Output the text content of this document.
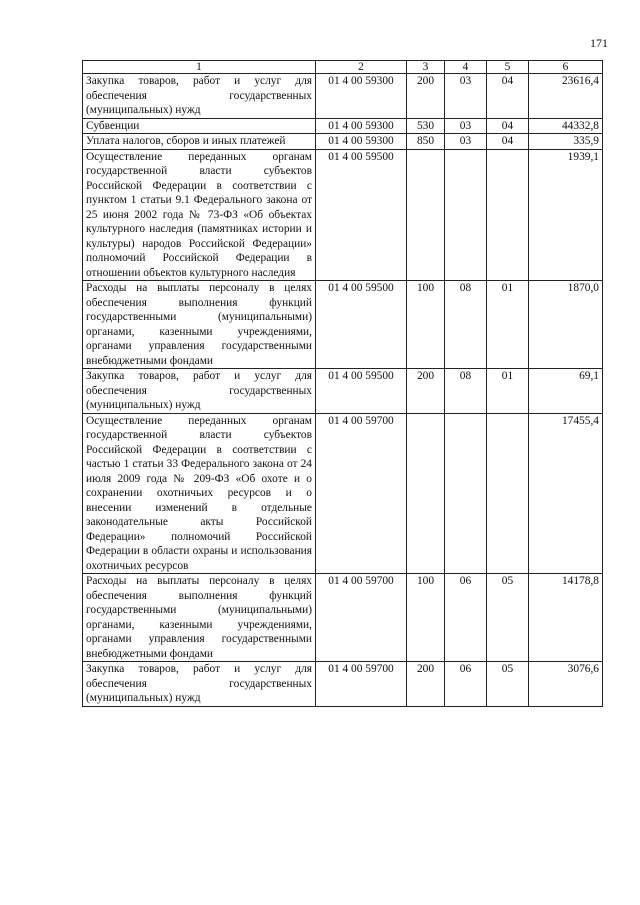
171
1	2	3	4	5	6
Закупка товаров, работ и услуг для обеспечения государственных (муниципальных) нужд	01 4 00 59300	200	03	04	23616,4
Субвенции	01 4 00 59300	530	03	04	44332,8
Уплата налогов, сборов и иных платежей	01 4 00 59300	850	03	04	335,9
Осуществление переданных органам государственной власти субъектов Российской Федерации в соответствии с пунктом 1 статьи 9.1 Федерального закона от 25 июня 2002 года № 73-ФЗ «Об объектах культурного наследия (памятниках истории и культуры) народов Российской Федерации» полномочий Российской Федерации в отношении объектов культурного наследия	01 4 00 59500				1939,1
Расходы на выплаты персоналу в целях обеспечения выполнения функций государственными (муниципальными) органами, казенными учреждениями, органами управления государственными внебюджетными фондами	01 4 00 59500	100	08	01	1870,0
Закупка товаров, работ и услуг для обеспечения государственных (муниципальных) нужд	01 4 00 59500	200	08	01	69,1
Осуществление переданных органам государственной власти субъектов Российской Федерации в соответствии с частью 1 статьи 33 Федерального закона от 24 июля 2009 года № 209-ФЗ «Об охоте и о сохранении охотничьих ресурсов и о внесении изменений в отдельные законодательные акты Российской Федерации» полномочий Российской Федерации в области охраны и использования охотничьих ресурсов	01 4 00 59700				17455,4
Расходы на выплаты персоналу в целях обеспечения выполнения функций государственными (муниципальными) органами, казенными учреждениями, органами управления государственными внебюджетными фондами	01 4 00 59700	100	06	05	14178,8
Закупка товаров, работ и услуг для обеспечения государственных (муниципальных) нужд	01 4 00 59700	200	06	05	3076,6
